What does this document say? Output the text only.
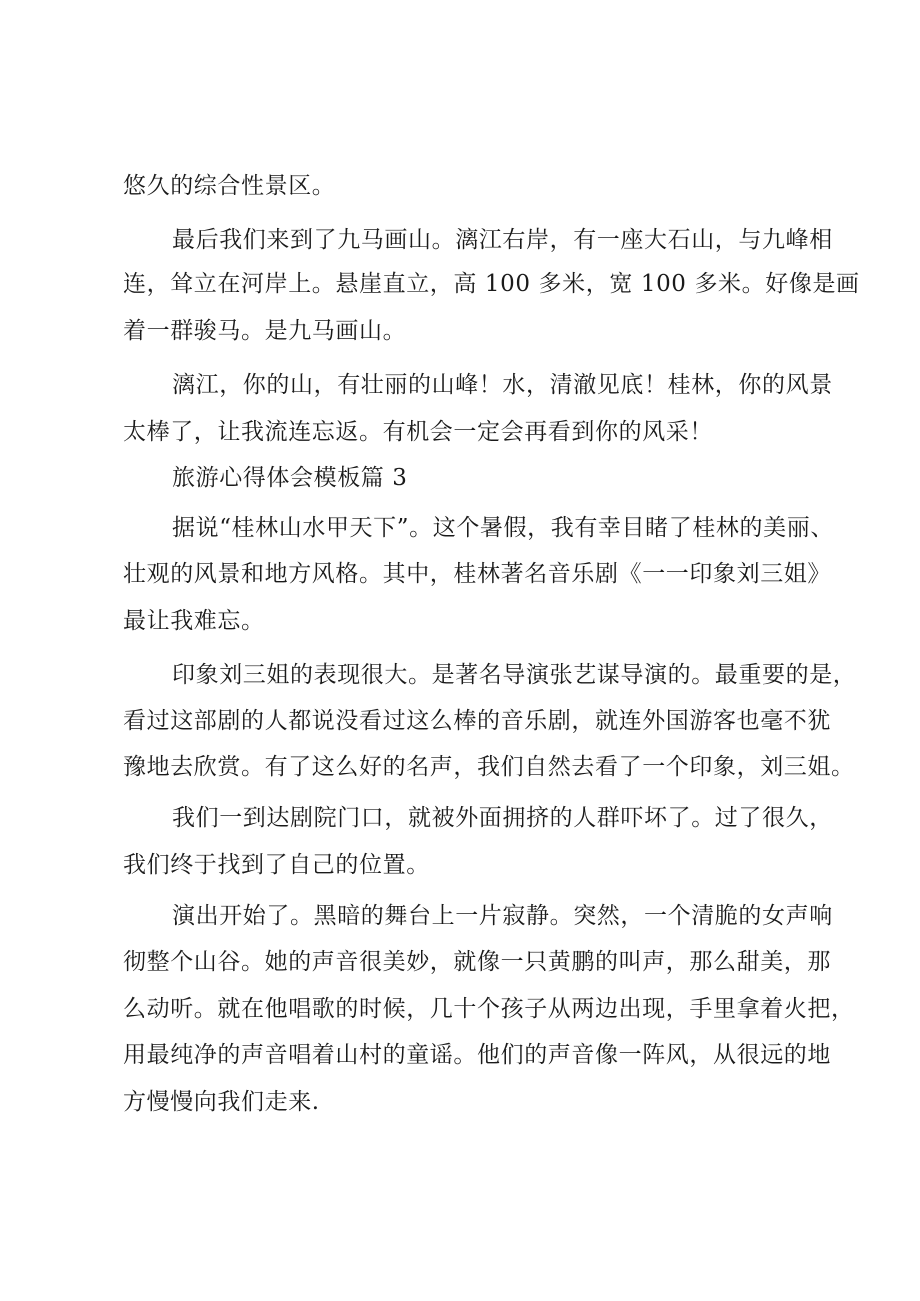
悠久的综合性景区。
最后我们来到了九马画山。漓江右岸，有一座大石山，与九峰相
连，耸立在河岸上。悬崖直立，高 100 多米，宽 100 多米。好像是画
着一群骏马。是九马画山。
漓江，你的山，有壮丽的山峰！水，清澈见底！桂林，你的风景
太棒了，让我流连忘返。有机会一定会再看到你的风采！
旅游心得体会模板篇 3
据说“桂林山水甲天下”。这个暑假，我有幸目睹了桂林的美丽、
壮观的风景和地方风格。其中，桂林著名音乐剧《一一印象刘三姐》
最让我难忘。
印象刘三姐的表现很大。是著名导演张艺谋导演的。最重要的是，
看过这部剧的人都说没看过这么棒的音乐剧，就连外国游客也毫不犹
豫地去欣赏。有了这么好的名声，我们自然去看了一个印象，刘三姐。
我们一到达剧院门口，就被外面拥挤的人群吓坏了。过了很久，
我们终于找到了自己的位置。
演出开始了。黑暗的舞台上一片寂静。突然，一个清脆的女声响
彻整个山谷。她的声音很美妙，就像一只黄鹏的叫声，那么甜美，那
么动听。就在他唱歌的时候，几十个孩子从两边出现，手里拿着火把，
用最纯净的声音唱着山村的童谣。他们的声音像一阵风，从很远的地
方慢慢向我们走来.
